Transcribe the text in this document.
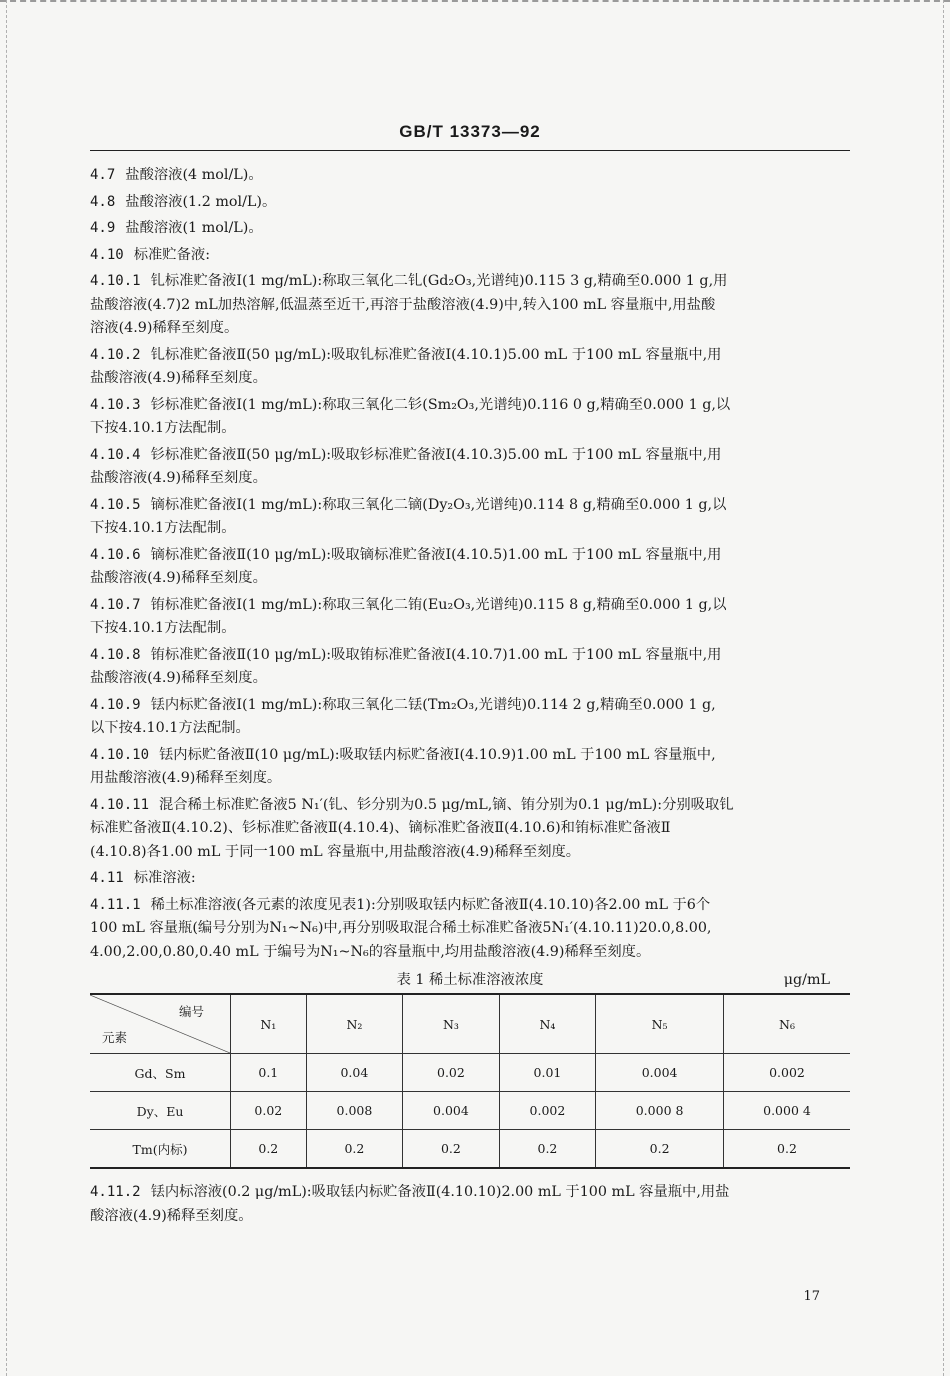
GB/T 13373—92
4.7 盐酸溶液(4 mol/L)。
4.8 盐酸溶液(1.2 mol/L)。
4.9 盐酸溶液(1 mol/L)。
4.10 标准贮备液:
4.10.1 钆标准贮备液Ⅰ(1 mg/mL):称取三氧化二钆(Gd₂O₃,光谱纯)0.115 3 g,精确至0.000 1 g,用
盐酸溶液(4.7)2 mL加热溶解,低温蒸至近干,再溶于盐酸溶液(4.9)中,转入100 mL 容量瓶中,用盐酸
溶液(4.9)稀释至刻度。
4.10.2 钆标准贮备液Ⅱ(50 μg/mL):吸取钆标准贮备液Ⅰ(4.10.1)5.00 mL 于100 mL 容量瓶中,用
盐酸溶液(4.9)稀释至刻度。
4.10.3 钐标准贮备液Ⅰ(1 mg/mL):称取三氧化二钐(Sm₂O₃,光谱纯)0.116 0 g,精确至0.000 1 g,以
下按4.10.1方法配制。
4.10.4 钐标准贮备液Ⅱ(50 μg/mL):吸取钐标准贮备液Ⅰ(4.10.3)5.00 mL 于100 mL 容量瓶中,用
盐酸溶液(4.9)稀释至刻度。
4.10.5 镝标准贮备液Ⅰ(1 mg/mL):称取三氧化二镝(Dy₂O₃,光谱纯)0.114 8 g,精确至0.000 1 g,以
下按4.10.1方法配制。
4.10.6 镝标准贮备液Ⅱ(10 μg/mL):吸取镝标准贮备液Ⅰ(4.10.5)1.00 mL 于100 mL 容量瓶中,用
盐酸溶液(4.9)稀释至刻度。
4.10.7 铕标准贮备液Ⅰ(1 mg/mL):称取三氧化二铕(Eu₂O₃,光谱纯)0.115 8 g,精确至0.000 1 g,以
下按4.10.1方法配制。
4.10.8 铕标准贮备液Ⅱ(10 μg/mL):吸取铕标准贮备液Ⅰ(4.10.7)1.00 mL 于100 mL 容量瓶中,用
盐酸溶液(4.9)稀释至刻度。
4.10.9 铥内标贮备液Ⅰ(1 mg/mL):称取三氧化二铥(Tm₂O₃,光谱纯)0.114 2 g,精确至0.000 1 g,
以下按4.10.1方法配制。
4.10.10 铥内标贮备液Ⅱ(10 μg/mL):吸取铥内标贮备液Ⅰ(4.10.9)1.00 mL 于100 mL 容量瓶中,
用盐酸溶液(4.9)稀释至刻度。
4.10.11 混合稀土标准贮备液5 N₁′(钆、钐分别为0.5 μg/mL,镝、铕分别为0.1 μg/mL):分别吸取钆
标准贮备液Ⅱ(4.10.2)、钐标准贮备液Ⅱ(4.10.4)、镝标准贮备液Ⅱ(4.10.6)和铕标准贮备液Ⅱ
(4.10.8)各1.00 mL 于同一100 mL 容量瓶中,用盐酸溶液(4.9)稀释至刻度。
4.11 标准溶液:
4.11.1 稀土标准溶液(各元素的浓度见表1):分别吸取铥内标贮备液Ⅱ(4.10.10)各2.00 mL 于6个
100 mL 容量瓶(编号分别为N₁~N₆)中,再分别吸取混合稀土标准贮备液5N₁′(4.10.11)20.0,8.00,
4.00,2.00,0.80,0.40 mL 于编号为N₁~N₆的容量瓶中,均用盐酸溶液(4.9)稀释至刻度。
表 1 稀土标准溶液浓度	μg/mL
编号
元素	N₁	N₂	N₃	N₄	N₅	N₆
Gd、Sm	0.1	0.04	0.02	0.01	0.004	0.002
Dy、Eu	0.02	0.008	0.004	0.002	0.000 8	0.000 4
Tm(内标)	0.2	0.2	0.2	0.2	0.2	0.2
4.11.2 铥内标溶液(0.2 μg/mL):吸取铥内标贮备液Ⅱ(4.10.10)2.00 mL 于100 mL 容量瓶中,用盐
酸溶液(4.9)稀释至刻度。
17
